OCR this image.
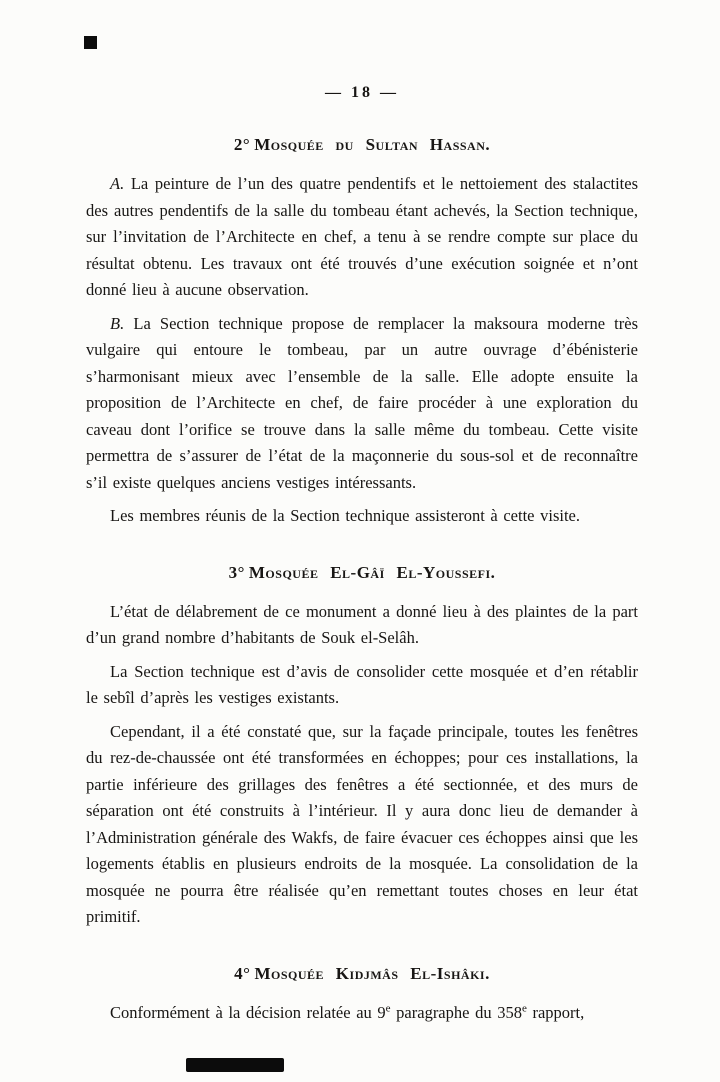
— 18 —
2° Mosquée du Sultan Hassan.

A. La peinture de l’un des quatre pendentifs et le nettoiement des stalactites des autres pendentifs de la salle du tombeau étant achevés, la Section technique, sur l’invitation de l’Architecte en chef, a tenu à se rendre compte sur place du résultat obtenu. Les travaux ont été trouvés d’une exécution soignée et n’ont donné lieu à aucune observation.

B. La Section technique propose de remplacer la maksoura moderne très vulgaire qui entoure le tombeau, par un autre ouvrage d’ébénisterie s’harmonisant mieux avec l’ensemble de la salle. Elle adopte ensuite la proposition de l’Architecte en chef, de faire procéder à une exploration du caveau dont l’orifice se trouve dans la salle même du tombeau. Cette visite permettra de s’assurer de l’état de la maçonnerie du sous-sol et de reconnaître s’il existe quelques anciens vestiges intéressants.

Les membres réunis de la Section technique assisteront à cette visite.

3° Mosquée El-Gâï El-Youssefi.

L’état de délabrement de ce monument a donné lieu à des plaintes de la part d’un grand nombre d’habitants de Souk el-Selâh.

La Section technique est d’avis de consolider cette mosquée et d’en rétablir le sebîl d’après les vestiges existants.

Cependant, il a été constaté que, sur la façade principale, toutes les fenêtres du rez-de-chaussée ont été transformées en échoppes; pour ces installations, la partie inférieure des grillages des fenêtres a été sectionnée, et des murs de séparation ont été construits à l’intérieur. Il y aura donc lieu de demander à l’Administration générale des Wakfs, de faire évacuer ces échoppes ainsi que les logements établis en plusieurs endroits de la mosquée. La consolidation de la mosquée ne pourra être réalisée qu’en remettant toutes choses en leur état primitif.

4° Mosquée Kidjmâs El-Ishâki.

Conformément à la décision relatée au 9e paragraphe du 358e rapport,
